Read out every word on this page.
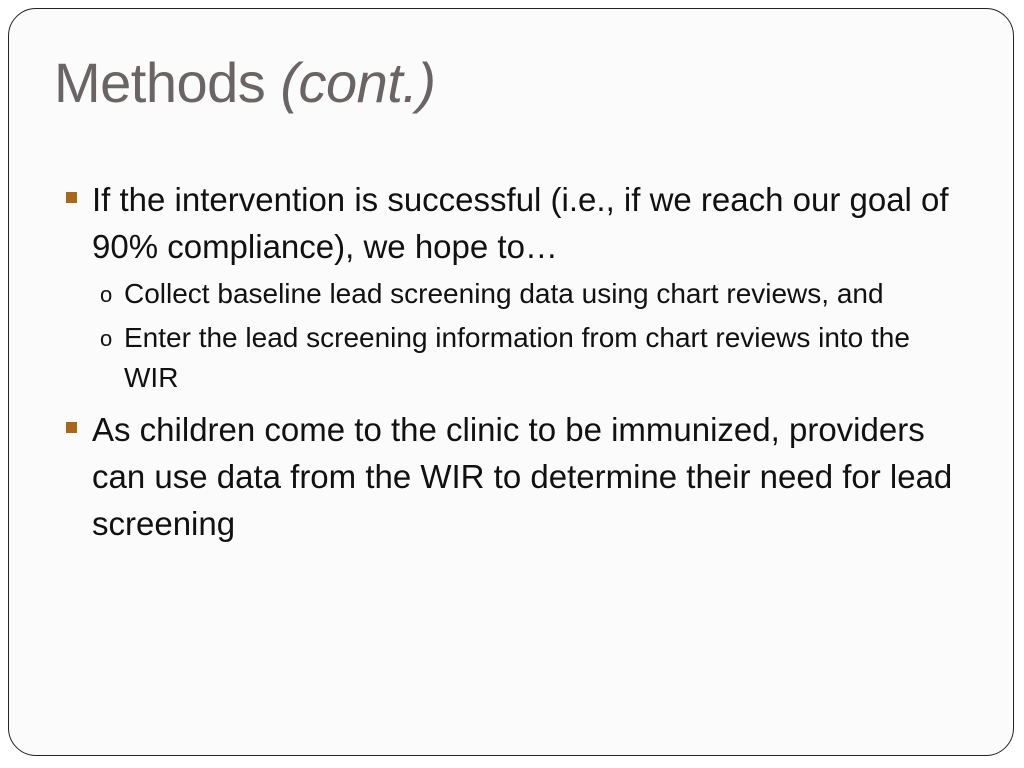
Methods (cont.)
If the intervention is successful (i.e., if we reach our goal of 90% compliance), we hope to…
o Collect baseline lead screening data using chart reviews, and
o Enter the lead screening information from chart reviews into the WIR
As children come to the clinic to be immunized, providers can use data from the WIR to determine their need for lead screening
